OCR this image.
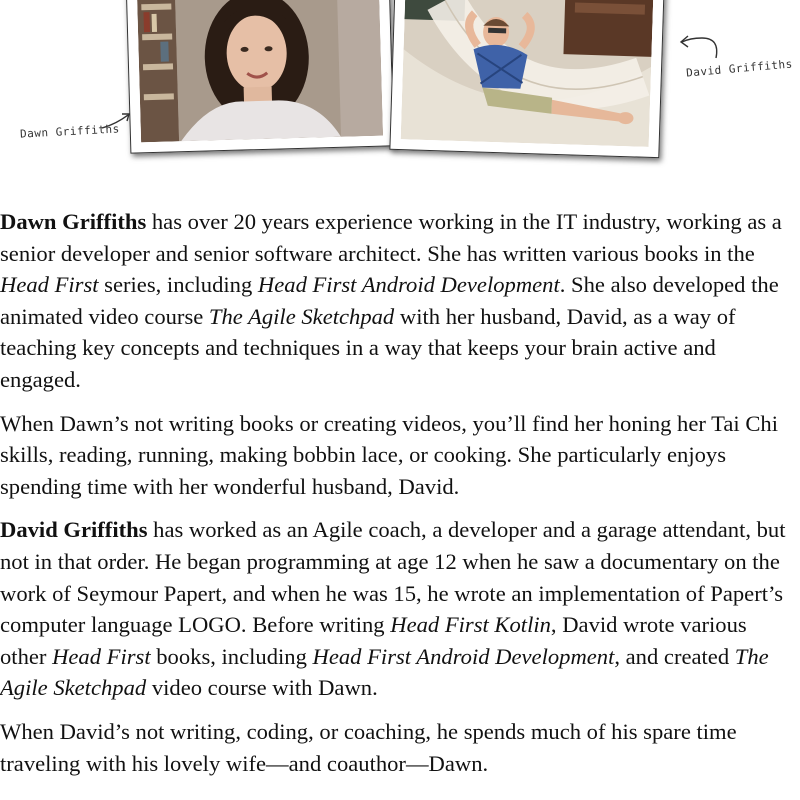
Dawn Griffiths
David Griffiths

Dawn Griffiths has over 20 years experience working in the IT industry, working as a senior developer and senior software architect. She has written various books in the Head First series, including Head First Android Development. She also developed the animated video course The Agile Sketchpad with her husband, David, as a way of teaching key concepts and techniques in a way that keeps your brain active and engaged.

When Dawn’s not writing books or creating videos, you’ll find her honing her Tai Chi skills, reading, running, making bobbin lace, or cooking. She particularly enjoys spending time with her wonderful husband, David.

David Griffiths has worked as an Agile coach, a developer and a garage attendant, but not in that order. He began programming at age 12 when he saw a documentary on the work of Seymour Papert, and when he was 15, he wrote an implementation of Papert’s computer language LOGO. Before writing Head First Kotlin, David wrote various other Head First books, including Head First Android Development, and created The Agile Sketchpad video course with Dawn.

When David’s not writing, coding, or coaching, he spends much of his spare time traveling with his lovely wife—and coauthor—Dawn.
